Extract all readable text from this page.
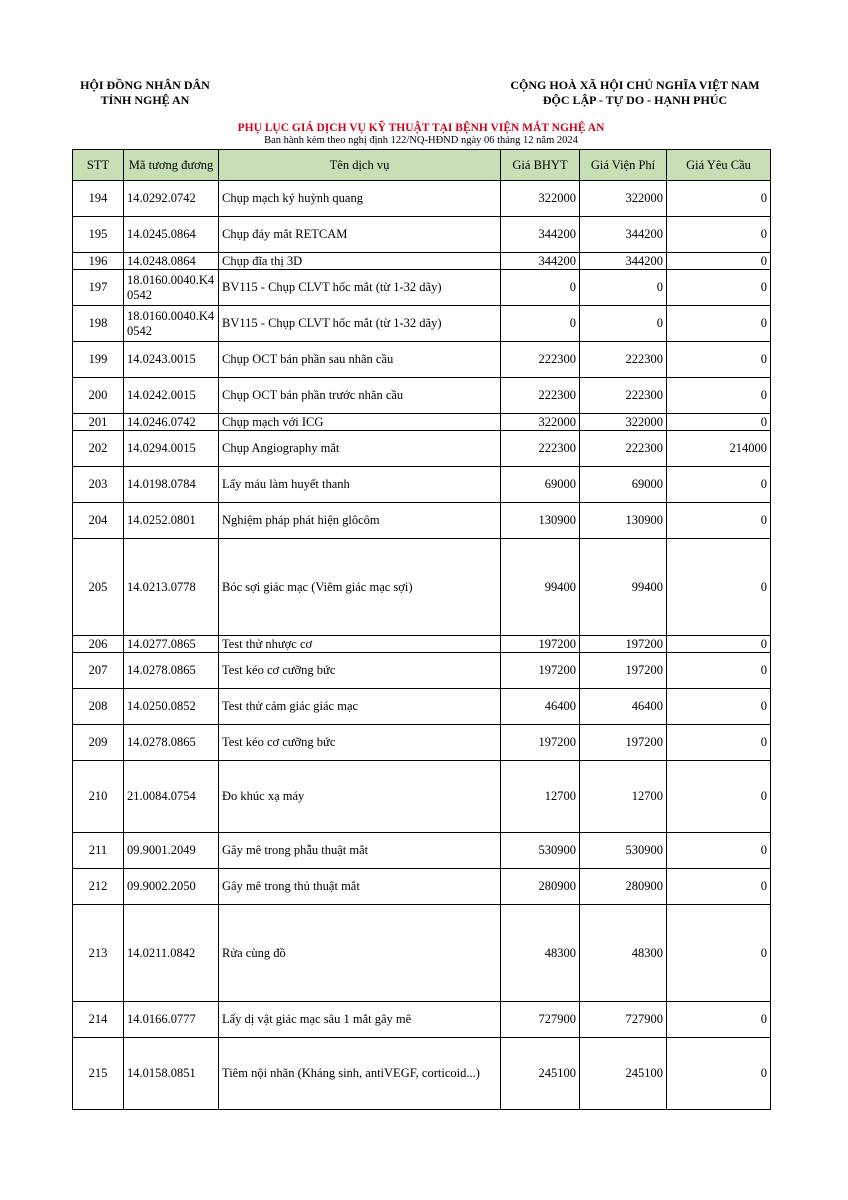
HỘI ĐỒNG NHÂN DÂN
TỈNH NGHỆ AN
CỘNG HOÀ XÃ HỘI CHỦ NGHĨA VIỆT NAM
ĐỘC LẬP - TỰ DO - HẠNH PHÚC
PHỤ LỤC GIÁ DỊCH VỤ KỸ THUẬT TẠI BỆNH VIỆN MẮT NGHỆ AN
Ban hành kèm theo nghị định 122/NQ-HĐND ngày 06 tháng 12 năm 2024
STT	Mã tương đương	Tên dịch vụ	Giá BHYT	Giá Viện Phí	Giá Yêu Cầu
194	14.0292.0742	Chụp mạch ký huỳnh quang	322000	322000	0
195	14.0245.0864	Chụp đáy mắt RETCAM	344200	344200	0
196	14.0248.0864	Chụp đĩa thị 3D	344200	344200	0
197	18.0160.0040.K40542	BV115 - Chụp CLVT hốc mắt (từ 1-32 dãy)	0	0	0
198	18.0160.0040.K40542	BV115 - Chụp CLVT hốc mắt (từ 1-32 dãy)	0	0	0
199	14.0243.0015	Chụp OCT bán phần sau nhãn cầu	222300	222300	0
200	14.0242.0015	Chụp OCT bán phần trước nhãn cầu	222300	222300	0
201	14.0246.0742	Chụp mạch với ICG	322000	322000	0
202	14.0294.0015	Chụp Angiography mắt	222300	222300	214000
203	14.0198.0784	Lấy máu làm huyết thanh	69000	69000	0
204	14.0252.0801	Nghiệm pháp phát hiện glôcôm	130900	130900	0
205	14.0213.0778	Bóc sợi giác mạc (Viêm giác mạc sợi)	99400	99400	0
206	14.0277.0865	Test thử nhược cơ	197200	197200	0
207	14.0278.0865	Test kéo cơ cưỡng bức	197200	197200	0
208	14.0250.0852	Test thử cảm giác giác mạc	46400	46400	0
209	14.0278.0865	Test kéo cơ cưỡng bức	197200	197200	0
210	21.0084.0754	Đo khúc xạ máy	12700	12700	0
211	09.9001.2049	Gây mê trong phẫu thuật mắt	530900	530900	0
212	09.9002.2050	Gây mê trong thủ thuật mắt	280900	280900	0
213	14.0211.0842	Rửa cùng đồ	48300	48300	0
214	14.0166.0777	Lấy dị vật giác mạc sâu 1 mắt gây mê	727900	727900	0
215	14.0158.0851	Tiêm nội nhãn (Kháng sinh, antiVEGF, corticoid...)	245100	245100	0
